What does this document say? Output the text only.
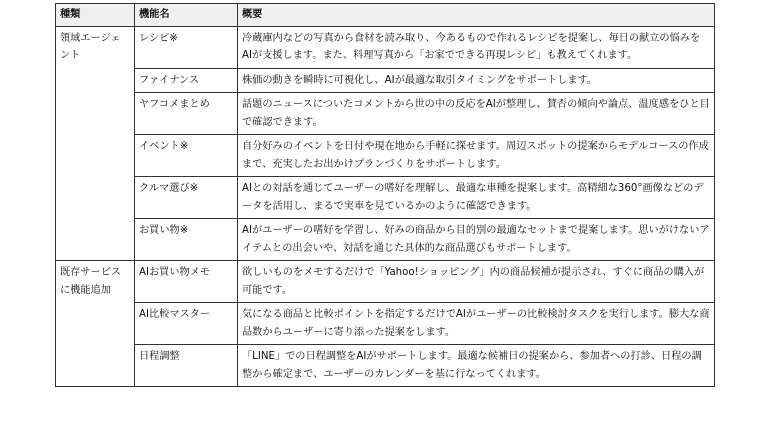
種類	機能名	概要
領域エージェント	レシピ※	冷蔵庫内などの写真から食材を読み取り、今あるもので作れるレシピを提案し、毎日の献立の悩みをAIが支援します。また、料理写真から「お家でできる再現レシピ」も教えてくれます。
	ファイナンス	株価の動きを瞬時に可視化し、AIが最適な取引タイミングをサポートします。
	ヤフコメまとめ	話題のニュースについたコメントから世の中の反応をAIが整理し、賛否の傾向や論点、温度感をひと目で確認できます。
	イベント※	自分好みのイベントを日付や現在地から手軽に探せます。周辺スポットの提案からモデルコースの作成まで、充実したお出かけプランづくりをサポートします。
	クルマ選び※	AIとの対話を通じてユーザーの嗜好を理解し、最適な車種を提案します。高精細な360°画像などのデータを活用し、まるで実車を見ているかのように確認できます。
	お買い物※	AIがユーザーの嗜好を学習し、好みの商品から目的別の最適なセットまで提案します。思いがけないアイテムとの出会いや、対話を通じた具体的な商品選びもサポートします。
既存サービスに機能追加	AIお買い物メモ	欲しいものをメモするだけで「Yahoo!ショッピング」内の商品候補が提示され、すぐに商品の購入が可能です。
	AI比較マスター	気になる商品と比較ポイントを指定するだけでAIがユーザーの比較検討タスクを実行します。膨大な商品数からユーザーに寄り添った提案をします。
	日程調整	「LINE」での日程調整をAIがサポートします。最適な候補日の提案から、参加者への打診、日程の調整から確定まで、ユーザーのカレンダーを基に行なってくれます。
